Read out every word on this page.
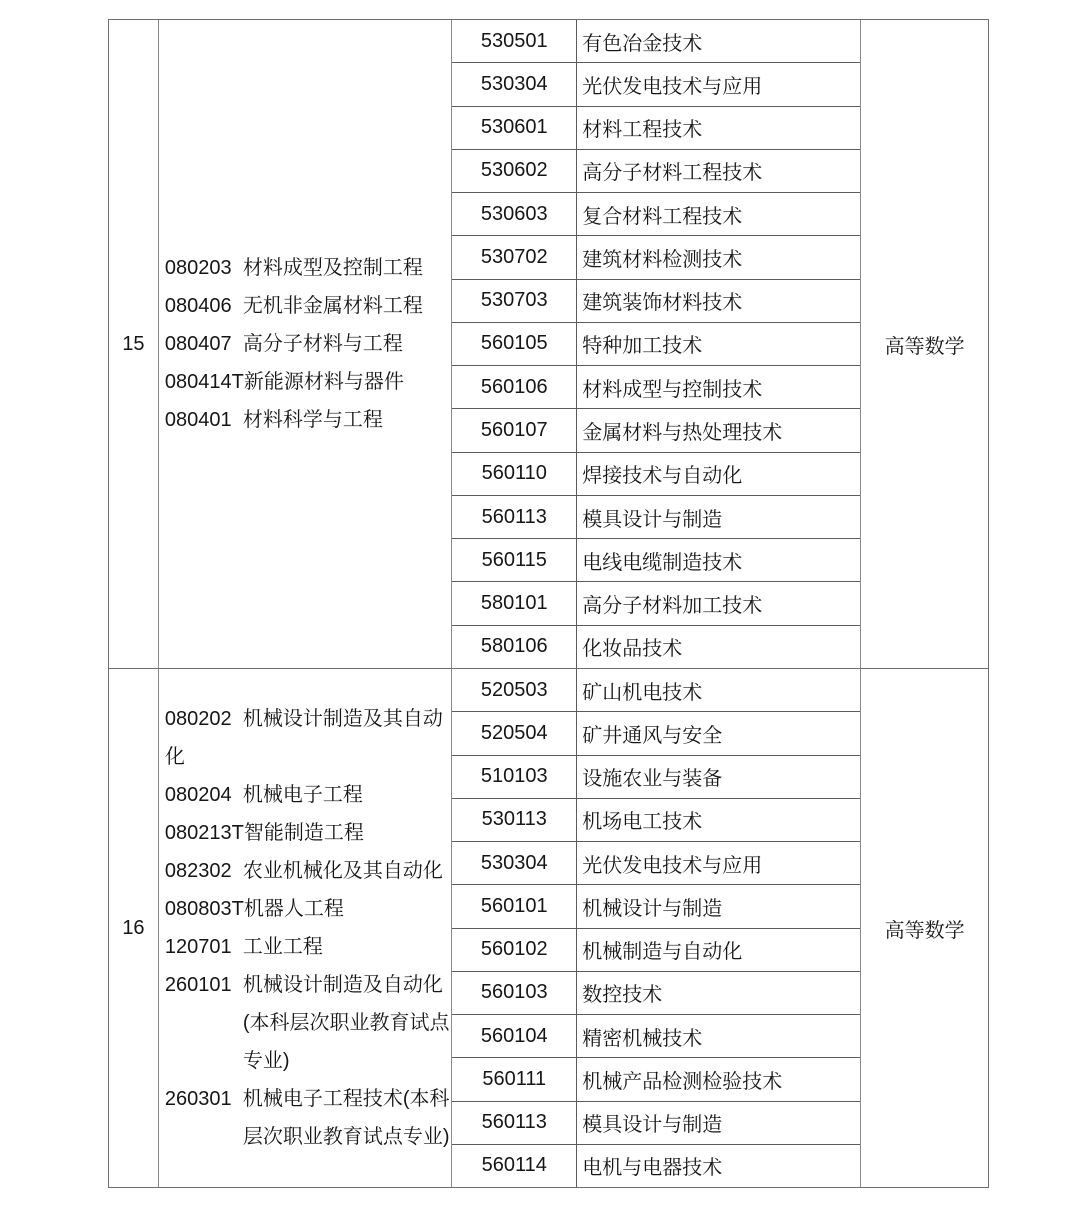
15
080203 材料成型及控制工程
080406 无机非金属材料工程
080407 高分子材料与工程
080414T新能源材料与器件
080401 材料科学与工程
530501 有色冶金技术
530304 光伏发电技术与应用
530601 材料工程技术
530602 高分子材料工程技术
530603 复合材料工程技术
530702 建筑材料检测技术
530703 建筑装饰材料技术
560105 特种加工技术
560106 材料成型与控制技术
560107 金属材料与热处理技术
560110 焊接技术与自动化
560113 模具设计与制造
560115 电线电缆制造技术
580101 高分子材料加工技术
580106 化妆品技术
高等数学
16
080202 机械设计制造及其自动化
080204 机械电子工程
080213T智能制造工程
082302 农业机械化及其自动化
080803T机器人工程
120701 工业工程
260101 机械设计制造及自动化(本科层次职业教育试点专业)
260301 机械电子工程技术(本科层次职业教育试点专业)
520503 矿山机电技术
520504 矿井通风与安全
510103 设施农业与装备
530113 机场电工技术
530304 光伏发电技术与应用
560101 机械设计与制造
560102 机械制造与自动化
560103 数控技术
560104 精密机械技术
560111 机械产品检测检验技术
560113 模具设计与制造
560114 电机与电器技术
高等数学
